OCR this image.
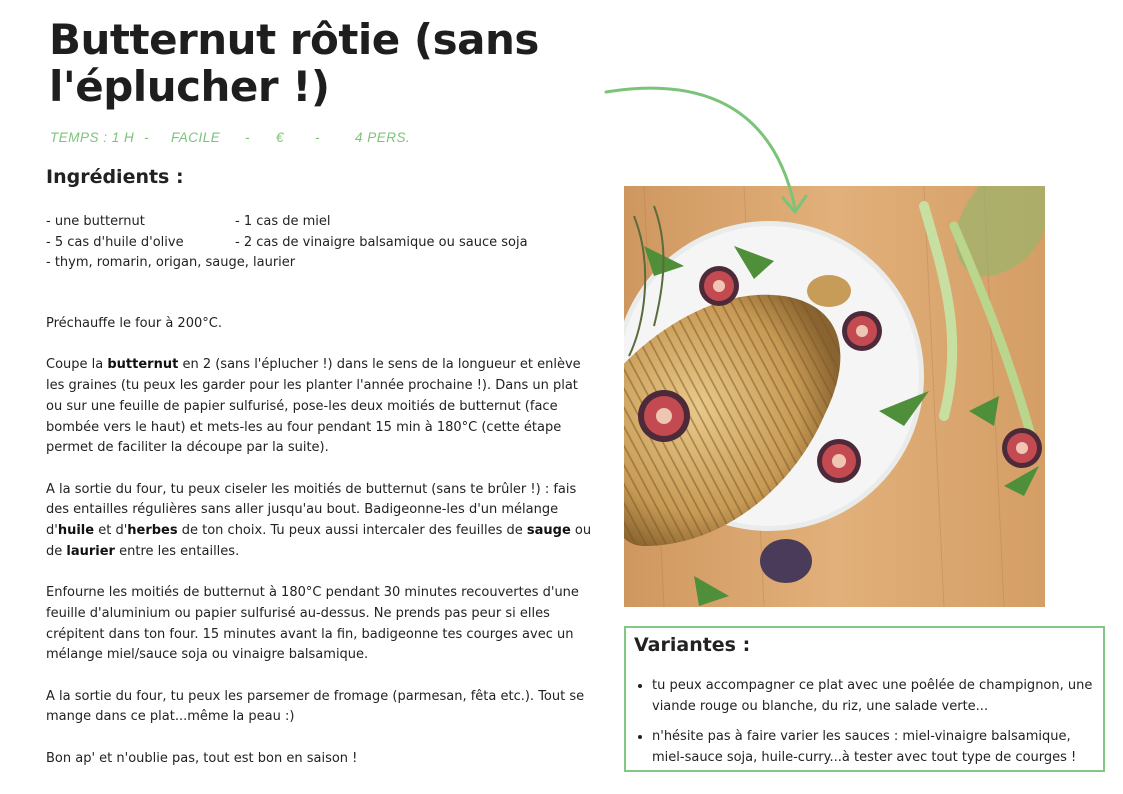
Butternut rôtie (sans l'éplucher !)
TEMPS : 1 H - FACILE - € -	4 PERS.
Ingrédients :
- une butternut
- 5 cas d'huile d'olive
- thym, romarin, origan, sauge, laurier
- 1 cas de miel
- 2 cas de vinaigre balsamique ou sauce soja

Préchauffe le four à 200°C.

Coupe la butternut en 2 (sans l'éplucher !) dans le sens de la longueur et enlève les graines (tu peux les garder pour les planter l'année prochaine !). Dans un plat ou sur une feuille de papier sulfurisé, pose-les deux moitiés de butternut (face bombée vers le haut) et mets-les au four pendant 15 min à 180°C (cette étape permet de faciliter la découpe par la suite).

A la sortie du four, tu peux ciseler les moitiés de butternut (sans te brûler !) : fais des entailles régulières sans aller jusqu'au bout. Badigeonne-les d'un mélange d'huile et d'herbes de ton choix. Tu peux aussi intercaler des feuilles de sauge ou de laurier entre les entailles.

Enfourne les moitiés de butternut à 180°C pendant 30 minutes recouvertes d'une feuille d'aluminium ou papier sulfurisé au-dessus. Ne prends pas peur si elles crépitent dans ton four. 15 minutes avant la fin, badigeonne tes courges avec un mélange miel/sauce soja ou vinaigre balsamique.

A la sortie du four, tu peux les parsemer de fromage (parmesan, fêta etc.). Tout se mange dans ce plat...même la peau :)

Bon ap' et n'oublie pas, tout est bon en saison !

Variantes :
• tu peux accompagner ce plat avec une poêlée de champignon, une viande rouge ou blanche, du riz, une salade verte...
• n'hésite pas à faire varier les sauces : miel-vinaigre balsamique, miel-sauce soja, huile-curry...à tester avec tout type de courges !
